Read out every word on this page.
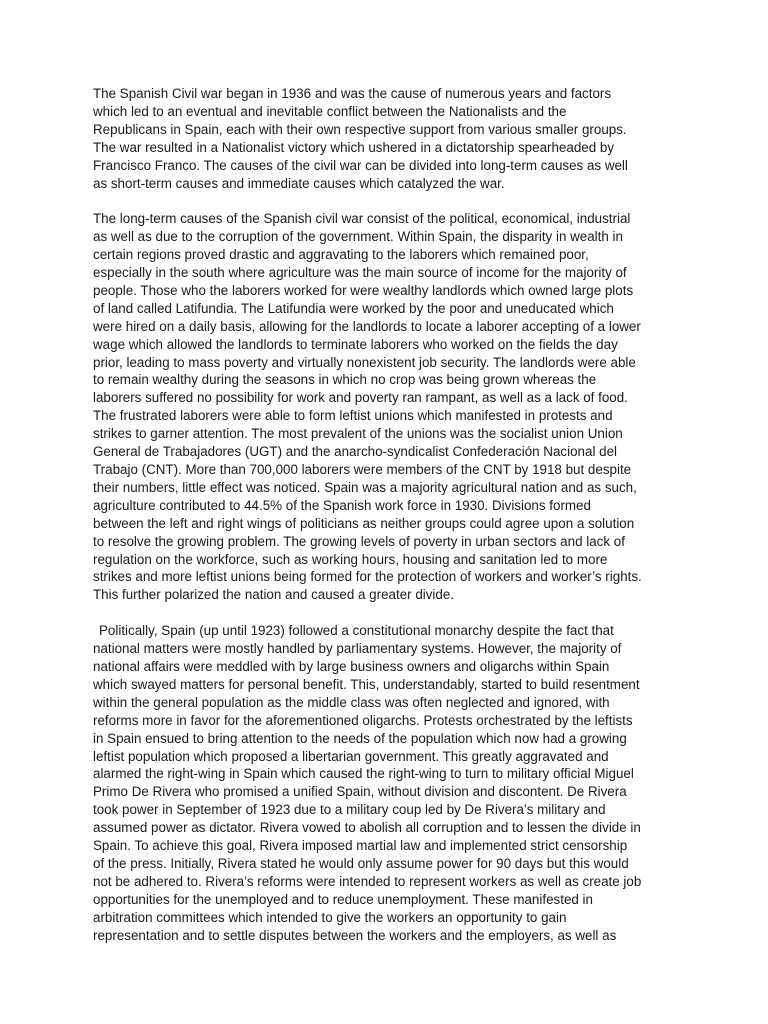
The Spanish Civil war began in 1936 and was the cause of numerous years and factors
which led to an eventual and inevitable conflict between the Nationalists and the
Republicans in Spain, each with their own respective support from various smaller groups.
The war resulted in a Nationalist victory which ushered in a dictatorship spearheaded by
Francisco Franco. The causes of the civil war can be divided into long-term causes as well
as short-term causes and immediate causes which catalyzed the war.

The long-term causes of the Spanish civil war consist of the political, economical, industrial
as well as due to the corruption of the government. Within Spain, the disparity in wealth in
certain regions proved drastic and aggravating to the laborers which remained poor,
especially in the south where agriculture was the main source of income for the majority of
people. Those who the laborers worked for were wealthy landlords which owned large plots
of land called Latifundia. The Latifundia were worked by the poor and uneducated which
were hired on a daily basis, allowing for the landlords to locate a laborer accepting of a lower
wage which allowed the landlords to terminate laborers who worked on the fields the day
prior, leading to mass poverty and virtually nonexistent job security. The landlords were able
to remain wealthy during the seasons in which no crop was being grown whereas the
laborers suffered no possibility for work and poverty ran rampant, as well as a lack of food.
The frustrated laborers were able to form leftist unions which manifested in protests and
strikes to garner attention. The most prevalent of the unions was the socialist union Union
General de Trabajadores (UGT) and the anarcho-syndicalist Confederación Nacional del
Trabajo (CNT). More than 700,000 laborers were members of the CNT by 1918 but despite
their numbers, little effect was noticed. Spain was a majority agricultural nation and as such,
agriculture contributed to 44.5% of the Spanish work force in 1930. Divisions formed
between the left and right wings of politicians as neither groups could agree upon a solution
to resolve the growing problem. The growing levels of poverty in urban sectors and lack of
regulation on the workforce, such as working hours, housing and sanitation led to more
strikes and more leftist unions being formed for the protection of workers and worker’s rights.
This further polarized the nation and caused a greater divide.

Politically, Spain (up until 1923) followed a constitutional monarchy despite the fact that
national matters were mostly handled by parliamentary systems. However, the majority of
national affairs were meddled with by large business owners and oligarchs within Spain
which swayed matters for personal benefit. This, understandably, started to build resentment
within the general population as the middle class was often neglected and ignored, with
reforms more in favor for the aforementioned oligarchs. Protests orchestrated by the leftists
in Spain ensued to bring attention to the needs of the population which now had a growing
leftist population which proposed a libertarian government. This greatly aggravated and
alarmed the right-wing in Spain which caused the right-wing to turn to military official Miguel
Primo De Rivera who promised a unified Spain, without division and discontent. De Rivera
took power in September of 1923 due to a military coup led by De Rivera’s military and
assumed power as dictator. Rivera vowed to abolish all corruption and to lessen the divide in
Spain. To achieve this goal, Rivera imposed martial law and implemented strict censorship
of the press. Initially, Rivera stated he would only assume power for 90 days but this would
not be adhered to. Rivera’s reforms were intended to represent workers as well as create job
opportunities for the unemployed and to reduce unemployment. These manifested in
arbitration committees which intended to give the workers an opportunity to gain
representation and to settle disputes between the workers and the employers, as well as
